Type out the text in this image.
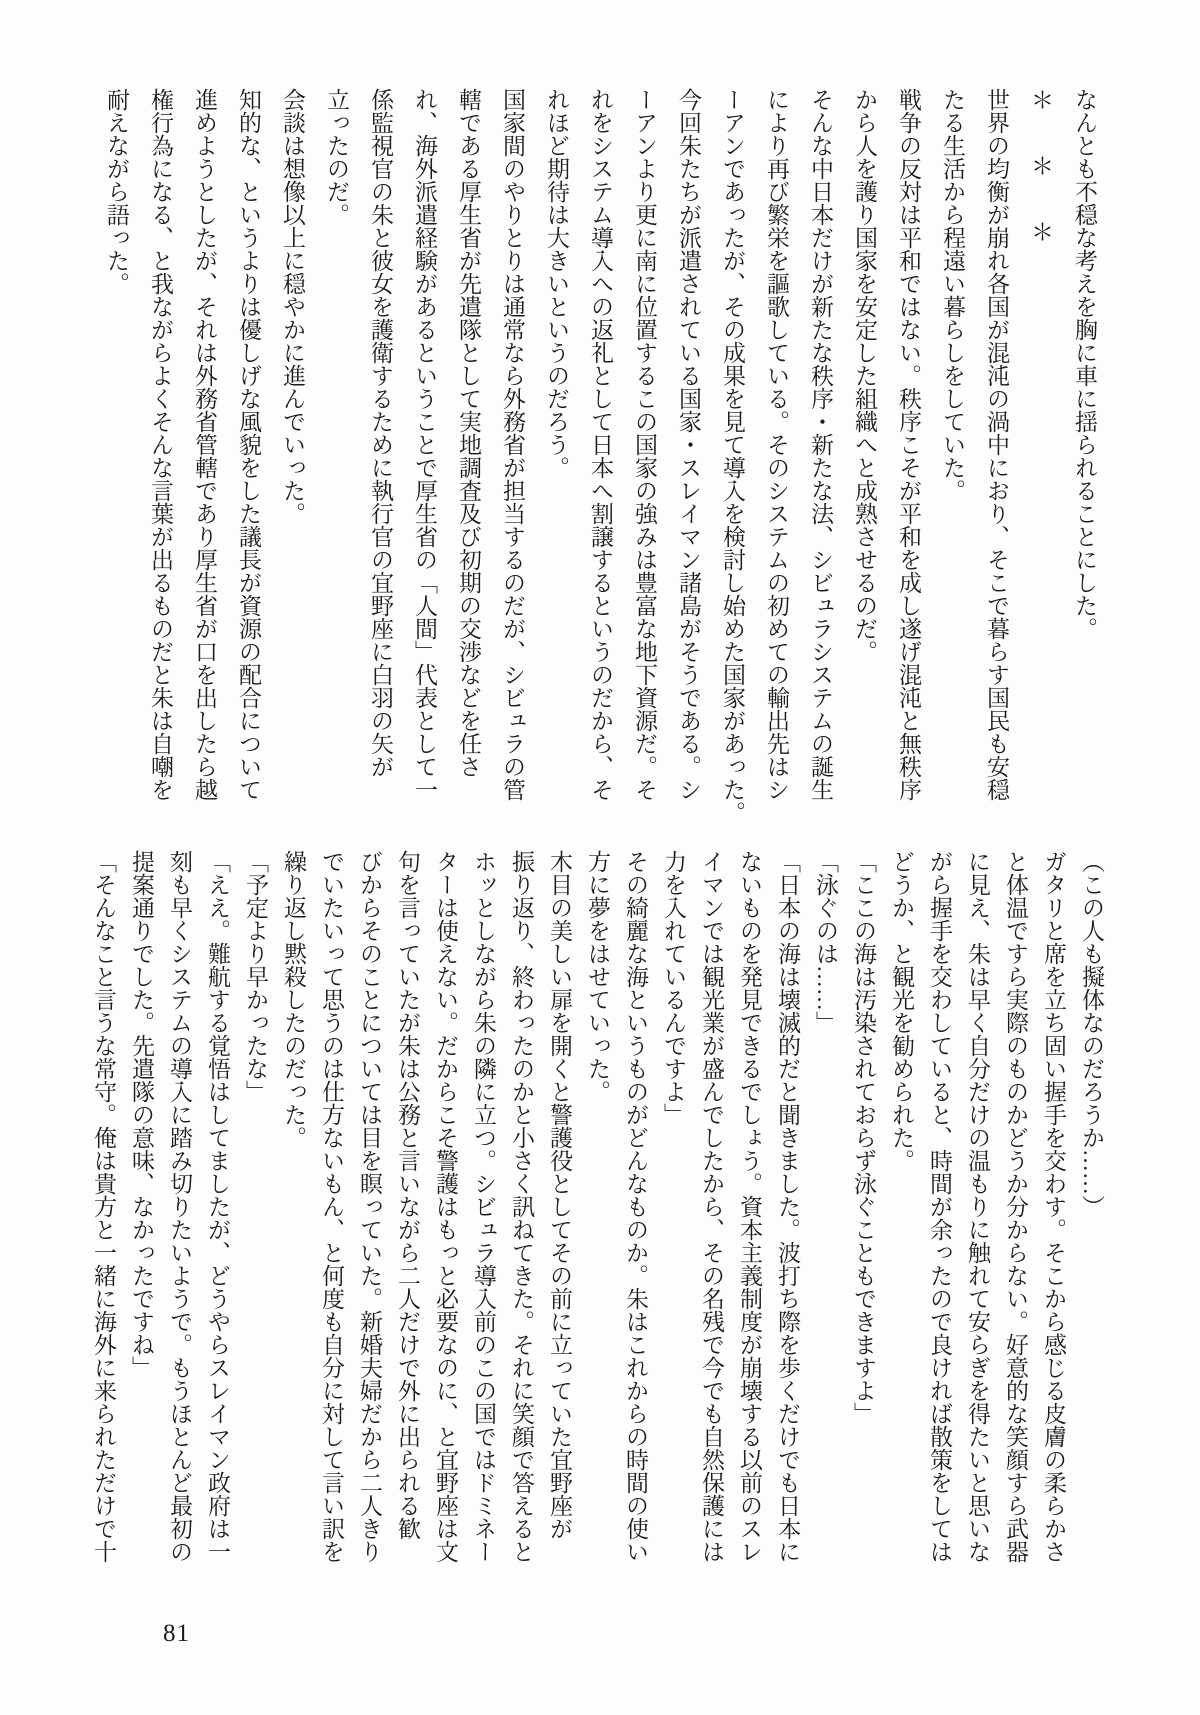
なんとも不穏な考えを胸に車に揺られることにした。

＊　＊　＊

世界の均衡が崩れ各国が混沌の渦中におり、そこで暮らす国民も安穏

たる生活から程遠い暮らしをしていた。

戦争の反対は平和ではない。秩序こそが平和を成し遂げ混沌と無秩序

から人を護り国家を安定した組織へと成熟させるのだ。

そんな中日本だけが新たな秩序・新たな法、シビュラシステムの誕生

により再び繁栄を謳歌している。そのシステムの初めての輸出先はシ

ーアンであったが、その成果を見て導入を検討し始めた国家があった。

今回朱たちが派遣されている国家・スレイマン諸島がそうである。シ

ーアンより更に南に位置するこの国家の強みは豊富な地下資源だ。そ

れをシステム導入への返礼として日本へ割譲するというのだから、そ

れほど期待は大きいというのだろう。

国家間のやりとりは通常なら外務省が担当するのだが、シビュラの管

轄である厚生省が先遣隊として実地調査及び初期の交渉などを任さ

れ、海外派遣経験があるということで厚生省の「人間」代表として一

係監視官の朱と彼女を護衛するために執行官の宜野座に白羽の矢が

立ったのだ。

会談は想像以上に穏やかに進んでいった。

知的な、というよりは優しげな風貌をした議長が資源の配合について

進めようとしたが、それは外務省管轄であり厚生省が口を出したら越

権行為になる、と我ながらよくそんな言葉が出るものだと朱は自嘲を

耐えながら語った。

（この人も擬体なのだろうか……）

ガタリと席を立ち固い握手を交わす。そこから感じる皮膚の柔らかさ

と体温ですら実際のものかどうか分からない。好意的な笑顔すら武器

に見え、朱は早く自分だけの温もりに触れて安らぎを得たいと思いな

がら握手を交わしていると、時間が余ったので良ければ散策をしては

どうか、と観光を勧められた。

「ここの海は汚染されておらず泳ぐこともできますよ」

「泳ぐのは……」

「日本の海は壊滅的だと聞きました。波打ち際を歩くだけでも日本に

ないものを発見できるでしょう。資本主義制度が崩壊する以前のスレ

イマンでは観光業が盛んでしたから、その名残で今でも自然保護には

力を入れているんですよ」

その綺麗な海というものがどんなものか。朱はこれからの時間の使い

方に夢をはせていった。

木目の美しい扉を開くと警護役としてその前に立っていた宜野座が

振り返り、終わったのかと小さく訊ねてきた。それに笑顔で答えると

ホッとしながら朱の隣に立つ。シビュラ導入前のこの国ではドミネー

ターは使えない。だからこそ警護はもっと必要なのに、と宜野座は文

句を言っていたが朱は公務と言いながら二人だけで外に出られる歓

びからそのことについては目を瞑っていた。新婚夫婦だから二人きり

でいたいって思うのは仕方ないもん、と何度も自分に対して言い訳を

繰り返し黙殺したのだった。

「予定より早かったな」

「ええ。難航する覚悟はしてましたが、どうやらスレイマン政府は一

刻も早くシステムの導入に踏み切りたいようで。もうほとんど最初の

提案通りでした。先遣隊の意味、なかったですね」

「そんなこと言うな常守。俺は貴方と一緒に海外に来られただけで十

81
